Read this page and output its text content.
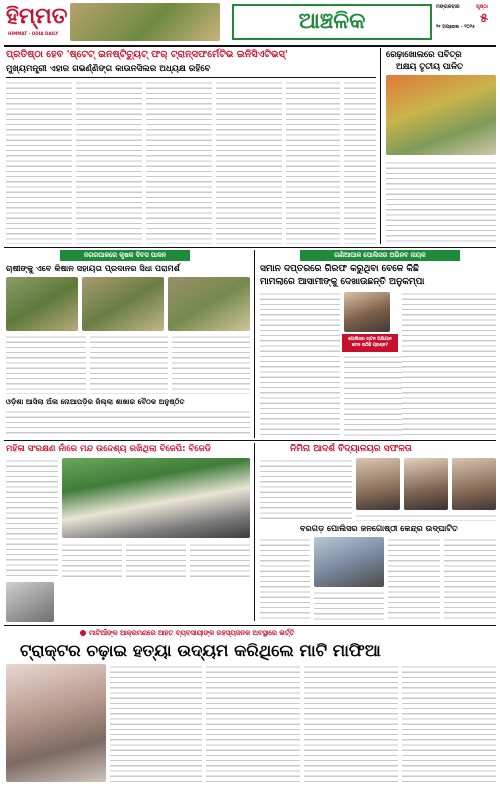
ହିମ୍ମତ
HIMMAT · ODIA DAILY	ଆଞ୍ଚଳିକ
ମଙ୍ଗଳବାର	ପୃଷ୍ଠା
୫
୨୧ ଅପ୍ରେଲ - ୨୦୨୫
ପ୍ରତିଷ୍ଠା ହେବ 'ଷ୍ଟେଟ୍ ଇନଷ୍ଟିଚ୍ୟୁଟ୍ ଫର୍ ଟ୍ରାନ୍ସଫର୍ମେଟିଭ ଇନିସିଏଟିଭସ୍'
ମୁଖ୍ୟମନ୍ତ୍ରୀ ଏହାର ଗଭର୍ଣ୍ଣିଙ୍ଗ କାଉନସିଲର ଅଧ୍ୟକ୍ଷ ରହିବେ
ରେଢ଼ାଖୋଲରେ ପବିତ୍ର
ଅକ୍ଷୟ ତୃତୀୟ ପାଳିତ
ନଗରପାଳରେ କୃଷକ ଦିବସ ପାଳନ
ଚାଷୀଙ୍କୁ ଏବେ କିଷାନ ସହାୟତା ପ୍ରଦାନର ସିଧା ପରାମର୍ଶ
ଓଡ଼ିଶା ଆସିଲା ଅଁଳା ନୋଆପଡ଼ିର ଜିଲ୍ଲା ଶାଖାର ବୈଠକ ଅନୁଷ୍ଠିତ
ଗଣିଆପାଳ ପୋଲିସର ଅଭିନବ ନାୟକ
ସମାନ ଦପ୍ତରରେ ଗିରଫ କରୁଥିବା ବେଳେ କିଛି
ମାମଲାରେ ଆସାମୀଙ୍କୁ ଦେଖାଉଛନ୍ତି ଅନୁକମ୍ପା
ପୋଲିସର ଚାଟନ ଅଭିଯାନ ଚେନ ଉଠିଛି ପ୍ରଶ୍ନ?
ମହିଳା ସଂରକ୍ଷଣ ନାଁରେ ମନ୍ଦ ଉଦ୍ଦେଶ୍ୟ ରଖିଥିଲା ବିଜେପି: ବିଜେଡି	ନିମିନା ଆଦର୍ଶ ବିଦ୍ୟାଳୟର ସଫଳତା
ବରଗଡ଼ ପୋଲିସର ଜନଗୋଷ୍ଠୀ କେନ୍ଦ୍ର ଉଦ୍‌ଘାଟିତ
ମାଟିଆଁଙ୍କ ଆକ୍ରମଣରେ ଆହତ ବ୍ୟବସାୟୀଙ୍କ ରହସ୍ୟଜନକ ଅବସ୍ଥାରେ ଭର୍ତ୍ତି
ଟ୍ରାକ୍ଟର ଚଢ଼ାଇ ହତ୍ୟା ଉଦ୍ୟମ କରିଥିଲେ ମାଟି ମାଫିଆ
